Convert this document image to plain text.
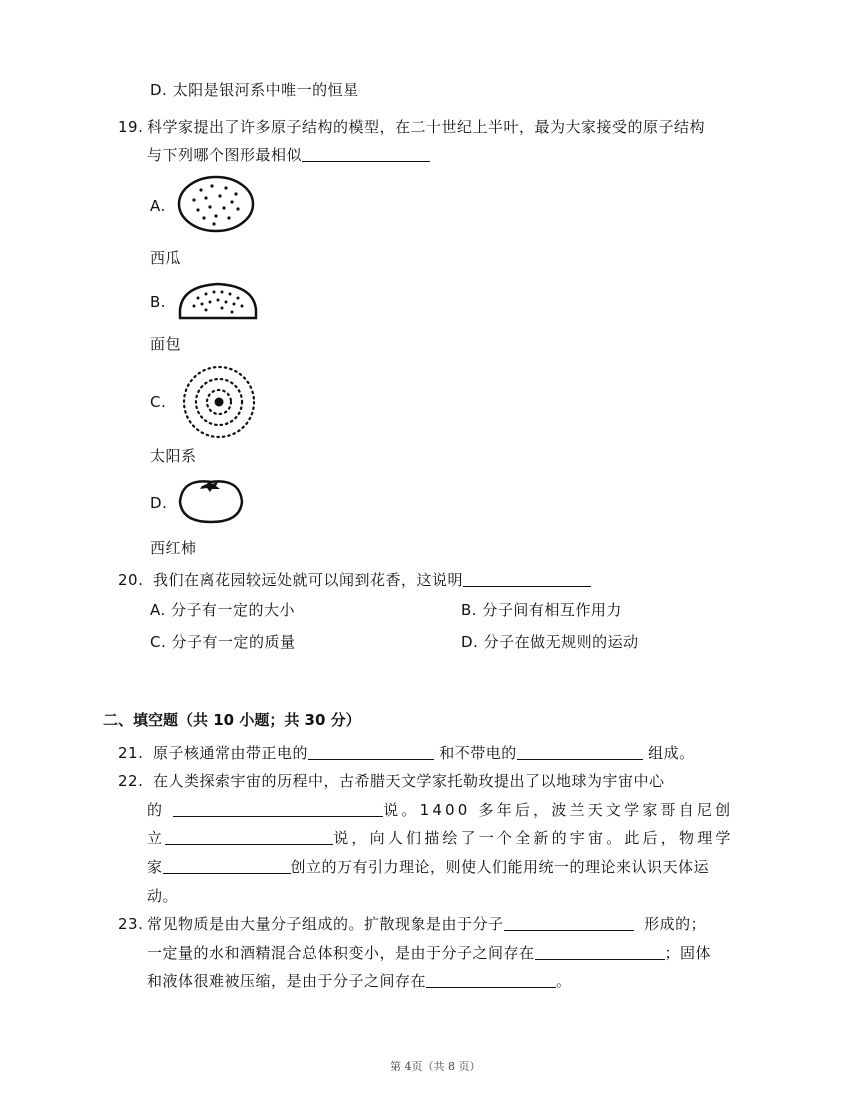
D. 太阳是银河系中唯一的恒星
19. 科学家提出了许多原子结构的模型，在二十世纪上半叶，最为大家接受的原子结构
与下列哪个图形最相似
A.
西瓜
B.
面包
C.
太阳系
D.
西红柿
20. 我们在离花园较远处就可以闻到花香，这说明
A. 分子有一定的大小	B. 分子间有相互作用力
C. 分子有一定的质量	D. 分子在做无规则的运动
二、填空题（共 10 小题；共 30 分）
21. 原子核通常由带正电的	和不带电的	组成。
22. 在人类探索宇宙的历程中，古希腊天文学家托勒玫提出了以地球为宇宙中心
的	说。1400 多年后，波兰天文学家哥自尼创
立	说，向人们描绘了一个全新的宇宙。此后，物理学
家	创立的万有引力理论，则使人们能用统一的理论来认识天体运
动。
23. 常见物质是由大量分子组成的。扩散现象是由于分子	形成的；
一定量的水和酒精混合总体积变小，是由于分子之间存在	；固体
和液体很难被压缩，是由于分子之间存在	。
第 4页（共 8 页）
